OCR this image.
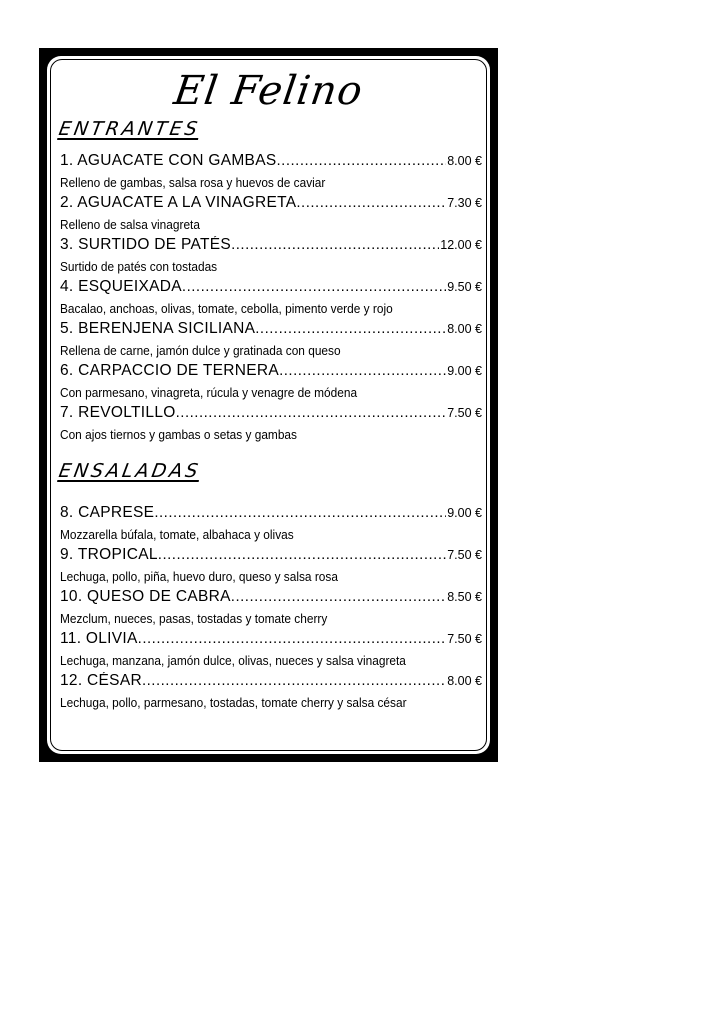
El Felino
ENTRANTES
1. AGUACATE CON GAMBAS .....	8.00 €
Relleno de gambas, salsa rosa y huevos de caviar
2. AGUACATE A LA VINAGRETA .....	7.30 €
Relleno de salsa vinagreta
3. SURTIDO DE PATÉS .....	12.00 €
Surtido de patés con tostadas
4. ESQUEIXADA .....	9.50 €
Bacalao, anchoas, olivas, tomate, cebolla, pimento verde y rojo
5. BERENJENA SICILIANA .....	8.00 €
Rellena de carne, jamón dulce y gratinada con queso
6. CARPACCIO DE TERNERA .....	9.00 €
Con parmesano, vinagreta, rúcula y venagre de módena
7. REVOLTILLO .....	7.50 €
Con ajos tiernos y gambas o setas y gambas
ENSALADAS
8. CAPRESE .....	9.00 €
Mozzarella búfala, tomate, albahaca y olivas
9. TROPICAL .....	7.50 €
Lechuga, pollo, piña, huevo duro, queso y salsa rosa
10. QUESO DE CABRA .....	8.50 €
Mezclum, nueces, pasas, tostadas y tomate cherry
11. OLIVIA .....	7.50 €
Lechuga, manzana, jamón dulce, olivas, nueces y salsa vinagreta
12. CÉSAR .....	8.00 €
Lechuga, pollo, parmesano, tostadas, tomate cherry y salsa césar
